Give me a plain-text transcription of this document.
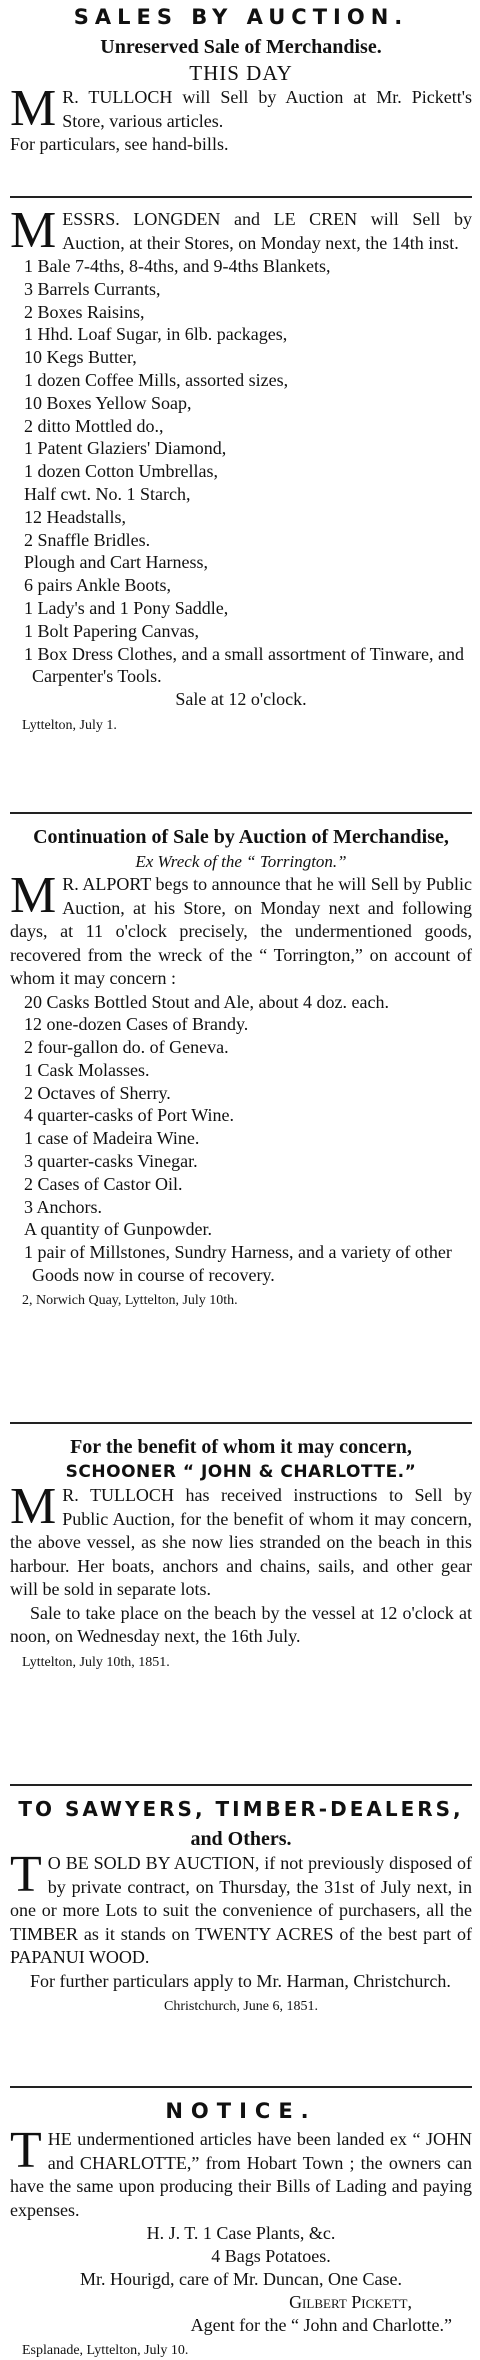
SALES BY AUCTION.

Unreserved Sale of Merchandise.

THIS DAY

M R. TULLOCH will Sell by Auction at Mr. Pickett's Store, various articles.

For particulars, see hand-bills.

MESSRS. LONGDEN and LE CREN will Sell by Auction, at their Stores, on Monday next, the 14th inst.

1 Bale 7-4ths, 8-4ths, and 9-4ths Blankets,

3 Barrels Currants,

2 Boxes Raisins,

1 Hhd. Loaf Sugar, in 6lb. packages,

10 Kegs Butter,

1 dozen Coffee Mills, assorted sizes,

10 Boxes Yellow Soap,

2 ditto Mottled do.,

1 Patent Glaziers' Diamond,

1 dozen Cotton Umbrellas,

Half cwt. No. 1 Starch,

12 Headstalls,

2 Snaffle Bridles.

Plough and Cart Harness,

6 pairs Ankle Boots,

1 Lady's and 1 Pony Saddle,

1 Bolt Papering Canvas,

1 Box Dress Clothes, and a small assortment of Tinware, and Carpenter's Tools.

Sale at 12 o'clock.

Lyttelton, July 1.

Continuation of Sale by Auction of Merchandise,

Ex Wreck of the “ Torrington.”

M R. ALPORT begs to announce that he will Sell by Public Auction, at his Store, on Monday next and following days, at 11 o'clock precisely, the undermentioned goods, recovered from the wreck of the “ Torrington,” on account of whom it may concern :

20 Casks Bottled Stout and Ale, about 4 doz. each.

12 one-dozen Cases of Brandy.

2 four-gallon do. of Geneva.

1 Cask Molasses.

2 Octaves of Sherry.

4 quarter-casks of Port Wine.

1 case of Madeira Wine.

3 quarter-casks Vinegar.

2 Cases of Castor Oil.

3 Anchors.

A quantity of Gunpowder.

1 pair of Millstones, Sundry Harness, and a variety of other Goods now in course of recovery.

2, Norwich Quay, Lyttelton, July 10th.

For the benefit of whom it may concern,

SCHOONER “ JOHN & CHARLOTTE.”

M R. TULLOCH has received instructions to Sell by Public Auction, for the benefit of whom it may concern, the above vessel, as she now lies stranded on the beach in this harbour. Her boats, anchors and chains, sails, and other gear will be sold in separate lots.

Sale to take place on the beach by the vessel at 12 o'clock at noon, on Wednesday next, the 16th July.

Lyttelton, July 10th, 1851.

TO SAWYERS, TIMBER-DEALERS,

and Others.

T O BE SOLD BY AUCTION, if not previously disposed of by private contract, on Thursday, the 31st of July next, in one or more Lots to suit the convenience of purchasers, all the TIMBER as it stands on TWENTY ACRES of the best part of PAPANUI WOOD.

For further particulars apply to Mr. Harman, Christchurch.

Christchurch, June 6, 1851.

NOTICE.

THE undermentioned articles have been landed ex “ JOHN and CHARLOTTE,” from Hobart Town ; the owners can have the same upon producing their Bills of Lading and paying expenses.

H. J. T. 1 Case Plants, &c.

4 Bags Potatoes.

Mr. Hourigd, care of Mr. Duncan, One Case.

Gilbert Pickett,

Agent for the “ John and Charlotte.”

Esplanade, Lyttelton, July 10.
